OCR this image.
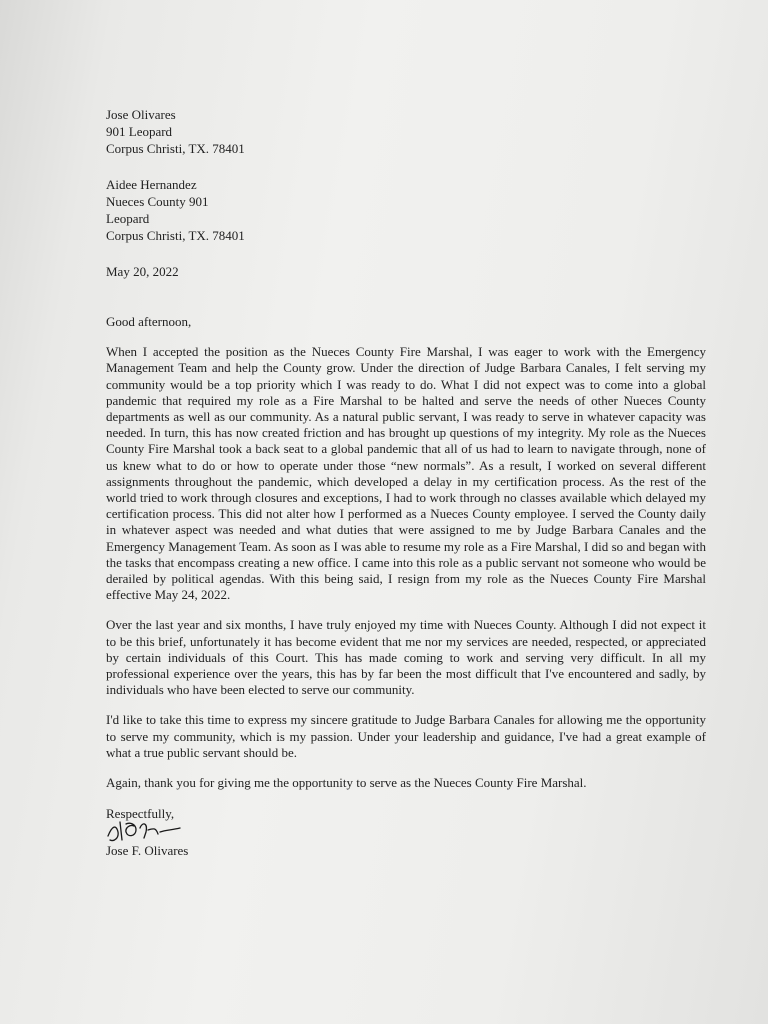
Jose Olivares
901 Leopard
Corpus Christi, TX. 78401
Aidee Hernandez
Nueces County 901
Leopard
Corpus Christi, TX. 78401
May 20, 2022

Good afternoon,

When I accepted the position as the Nueces County Fire Marshal, I was eager to work with the Emergency Management Team and help the County grow. Under the direction of Judge Barbara Canales, I felt serving my community would be a top priority which I was ready to do. What I did not expect was to come into a global pandemic that required my role as a Fire Marshal to be halted and serve the needs of other Nueces County departments as well as our community. As a natural public servant, I was ready to serve in whatever capacity was needed. In turn, this has now created friction and has brought up questions of my integrity. My role as the Nueces County Fire Marshal took a back seat to a global pandemic that all of us had to learn to navigate through, none of us knew what to do or how to operate under those “new normals”. As a result, I worked on several different assignments throughout the pandemic, which developed a delay in my certification process. As the rest of the world tried to work through closures and exceptions, I had to work through no classes available which delayed my certification process. This did not alter how I performed as a Nueces County employee. I served the County daily in whatever aspect was needed and what duties that were assigned to me by Judge Barbara Canales and the Emergency Management Team. As soon as I was able to resume my role as a Fire Marshal, I did so and began with the tasks that encompass creating a new office. I came into this role as a public servant not someone who would be derailed by political agendas. With this being said, I resign from my role as the Nueces County Fire Marshal effective May 24, 2022.

Over the last year and six months, I have truly enjoyed my time with Nueces County. Although I did not expect it to be this brief, unfortunately it has become evident that me nor my services are needed, respected, or appreciated by certain individuals of this Court. This has made coming to work and serving very difficult. In all my professional experience over the years, this has by far been the most difficult that I've encountered and sadly, by individuals who have been elected to serve our community.

I'd like to take this time to express my sincere gratitude to Judge Barbara Canales for allowing me the opportunity to serve my community, which is my passion. Under your leadership and guidance, I've had a great example of what a true public servant should be.

Again, thank you for giving me the opportunity to serve as the Nueces County Fire Marshal.

Respectfully,
Jose F. Olivares
